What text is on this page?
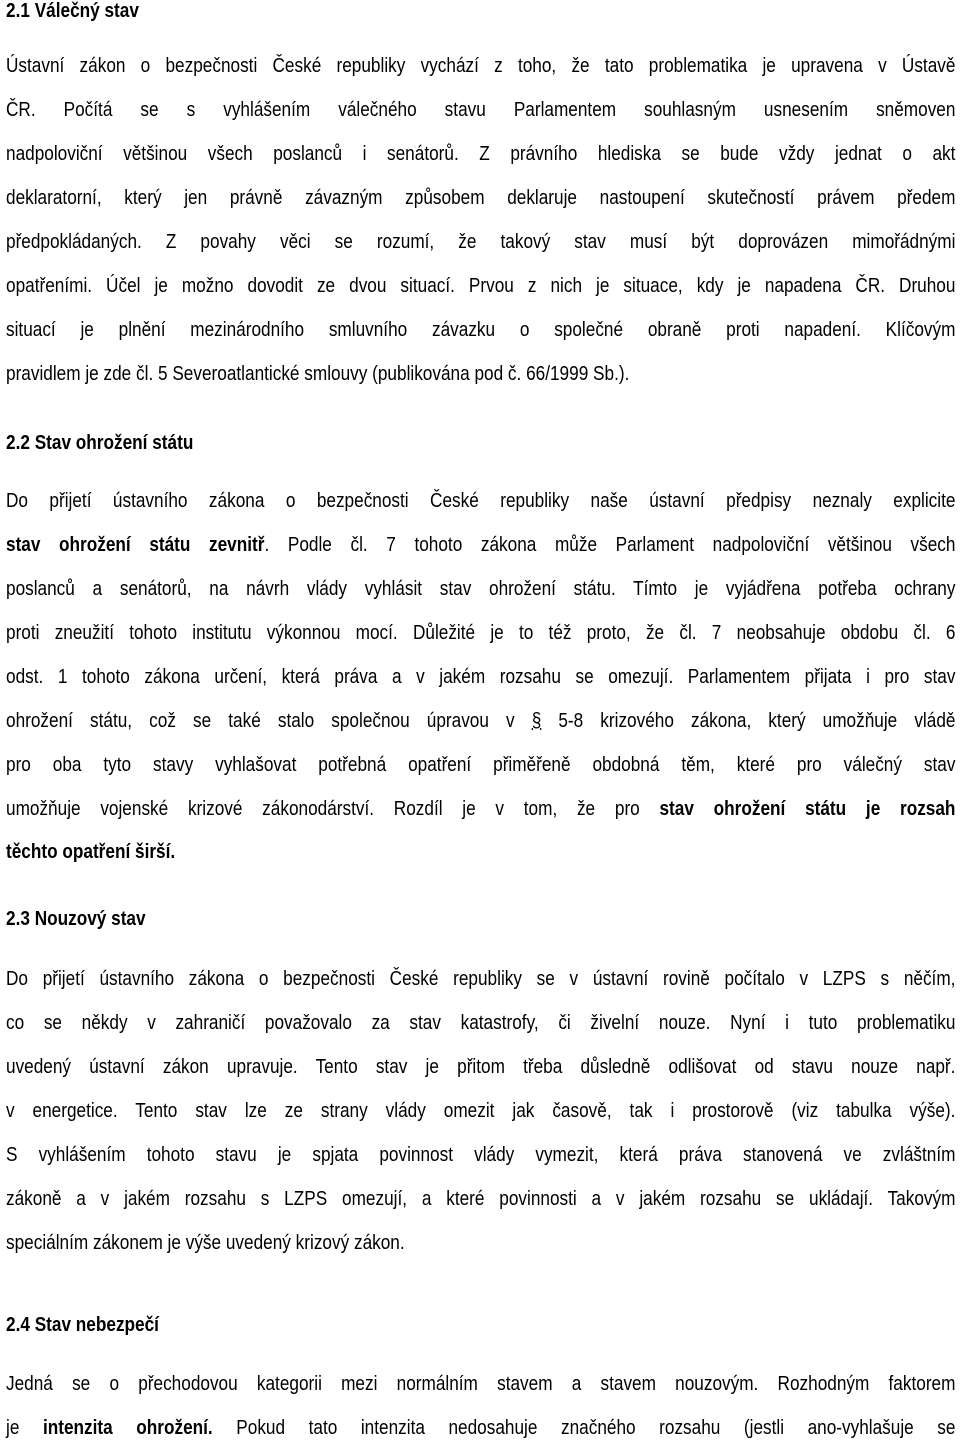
2.1 Válečný stav
Ústavní zákon o bezpečnosti České republiky vychází z toho, že tato problematika je upravena v Ústavě
ČR. Počítá se s vyhlášením válečného stavu Parlamentem souhlasným usnesením sněmoven
nadpoloviční většinou všech poslanců i senátorů. Z právního hlediska se bude vždy jednat o akt
deklaratorní, který jen právně závazným způsobem deklaruje nastoupení skutečností právem předem
předpokládaných. Z povahy věci se rozumí, že takový stav musí být doprovázen mimořádnými
opatřeními. Účel je možno dovodit ze dvou situací. Prvou z nich je situace, kdy je napadena ČR. Druhou
situací je plnění mezinárodního smluvního závazku o společné obraně proti napadení. Klíčovým
pravidlem je zde čl. 5 Severoatlantické smlouvy (publikována pod č. 66/1999 Sb.).
2.2 Stav ohrožení státu
Do přijetí ústavního zákona o bezpečnosti České republiky naše ústavní předpisy neznaly explicite
stav ohrožení státu zevnitř. Podle čl. 7 tohoto zákona může Parlament nadpoloviční většinou všech
poslanců a senátorů, na návrh vlády vyhlásit stav ohrožení státu. Tímto je vyjádřena potřeba ochrany
proti zneužití tohoto institutu výkonnou mocí. Důležité je to též proto, že čl. 7 neobsahuje obdobu čl. 6
odst. 1 tohoto zákona určení, která práva a v jakém rozsahu se omezují. Parlamentem přijata i pro stav
ohrožení státu, což se také stalo společnou úpravou v § 5-8 krizového zákona, který umožňuje vládě
pro oba tyto stavy vyhlašovat potřebná opatření přiměřeně obdobná těm, které pro válečný stav
umožňuje vojenské krizové zákonodárství. Rozdíl je v tom, že pro stav ohrožení státu je rozsah
těchto opatření širší.
2.3 Nouzový stav
Do přijetí ústavního zákona o bezpečnosti České republiky se v ústavní rovině počítalo v LZPS s něčím,
co se někdy v zahraničí považovalo za stav katastrofy, či živelní nouze. Nyní i tuto problematiku
uvedený ústavní zákon upravuje. Tento stav je přitom třeba důsledně odlišovat od stavu nouze např.
v energetice. Tento stav lze ze strany vlády omezit jak časově, tak i prostorově (viz tabulka výše).
S vyhlášením tohoto stavu je spjata povinnost vlády vymezit, která práva stanovená ve zvláštním
zákoně a v jakém rozsahu s LZPS omezují, a které povinnosti a v jakém rozsahu se ukládají. Takovým
speciálním zákonem je výše uvedený krizový zákon.
2.4 Stav nebezpečí
Jedná se o přechodovou kategorii mezi normálním stavem a stavem nouzovým. Rozhodným faktorem
je intenzita ohrožení. Pokud tato intenzita nedosahuje značného rozsahu (jestli ano-vyhlašuje se
